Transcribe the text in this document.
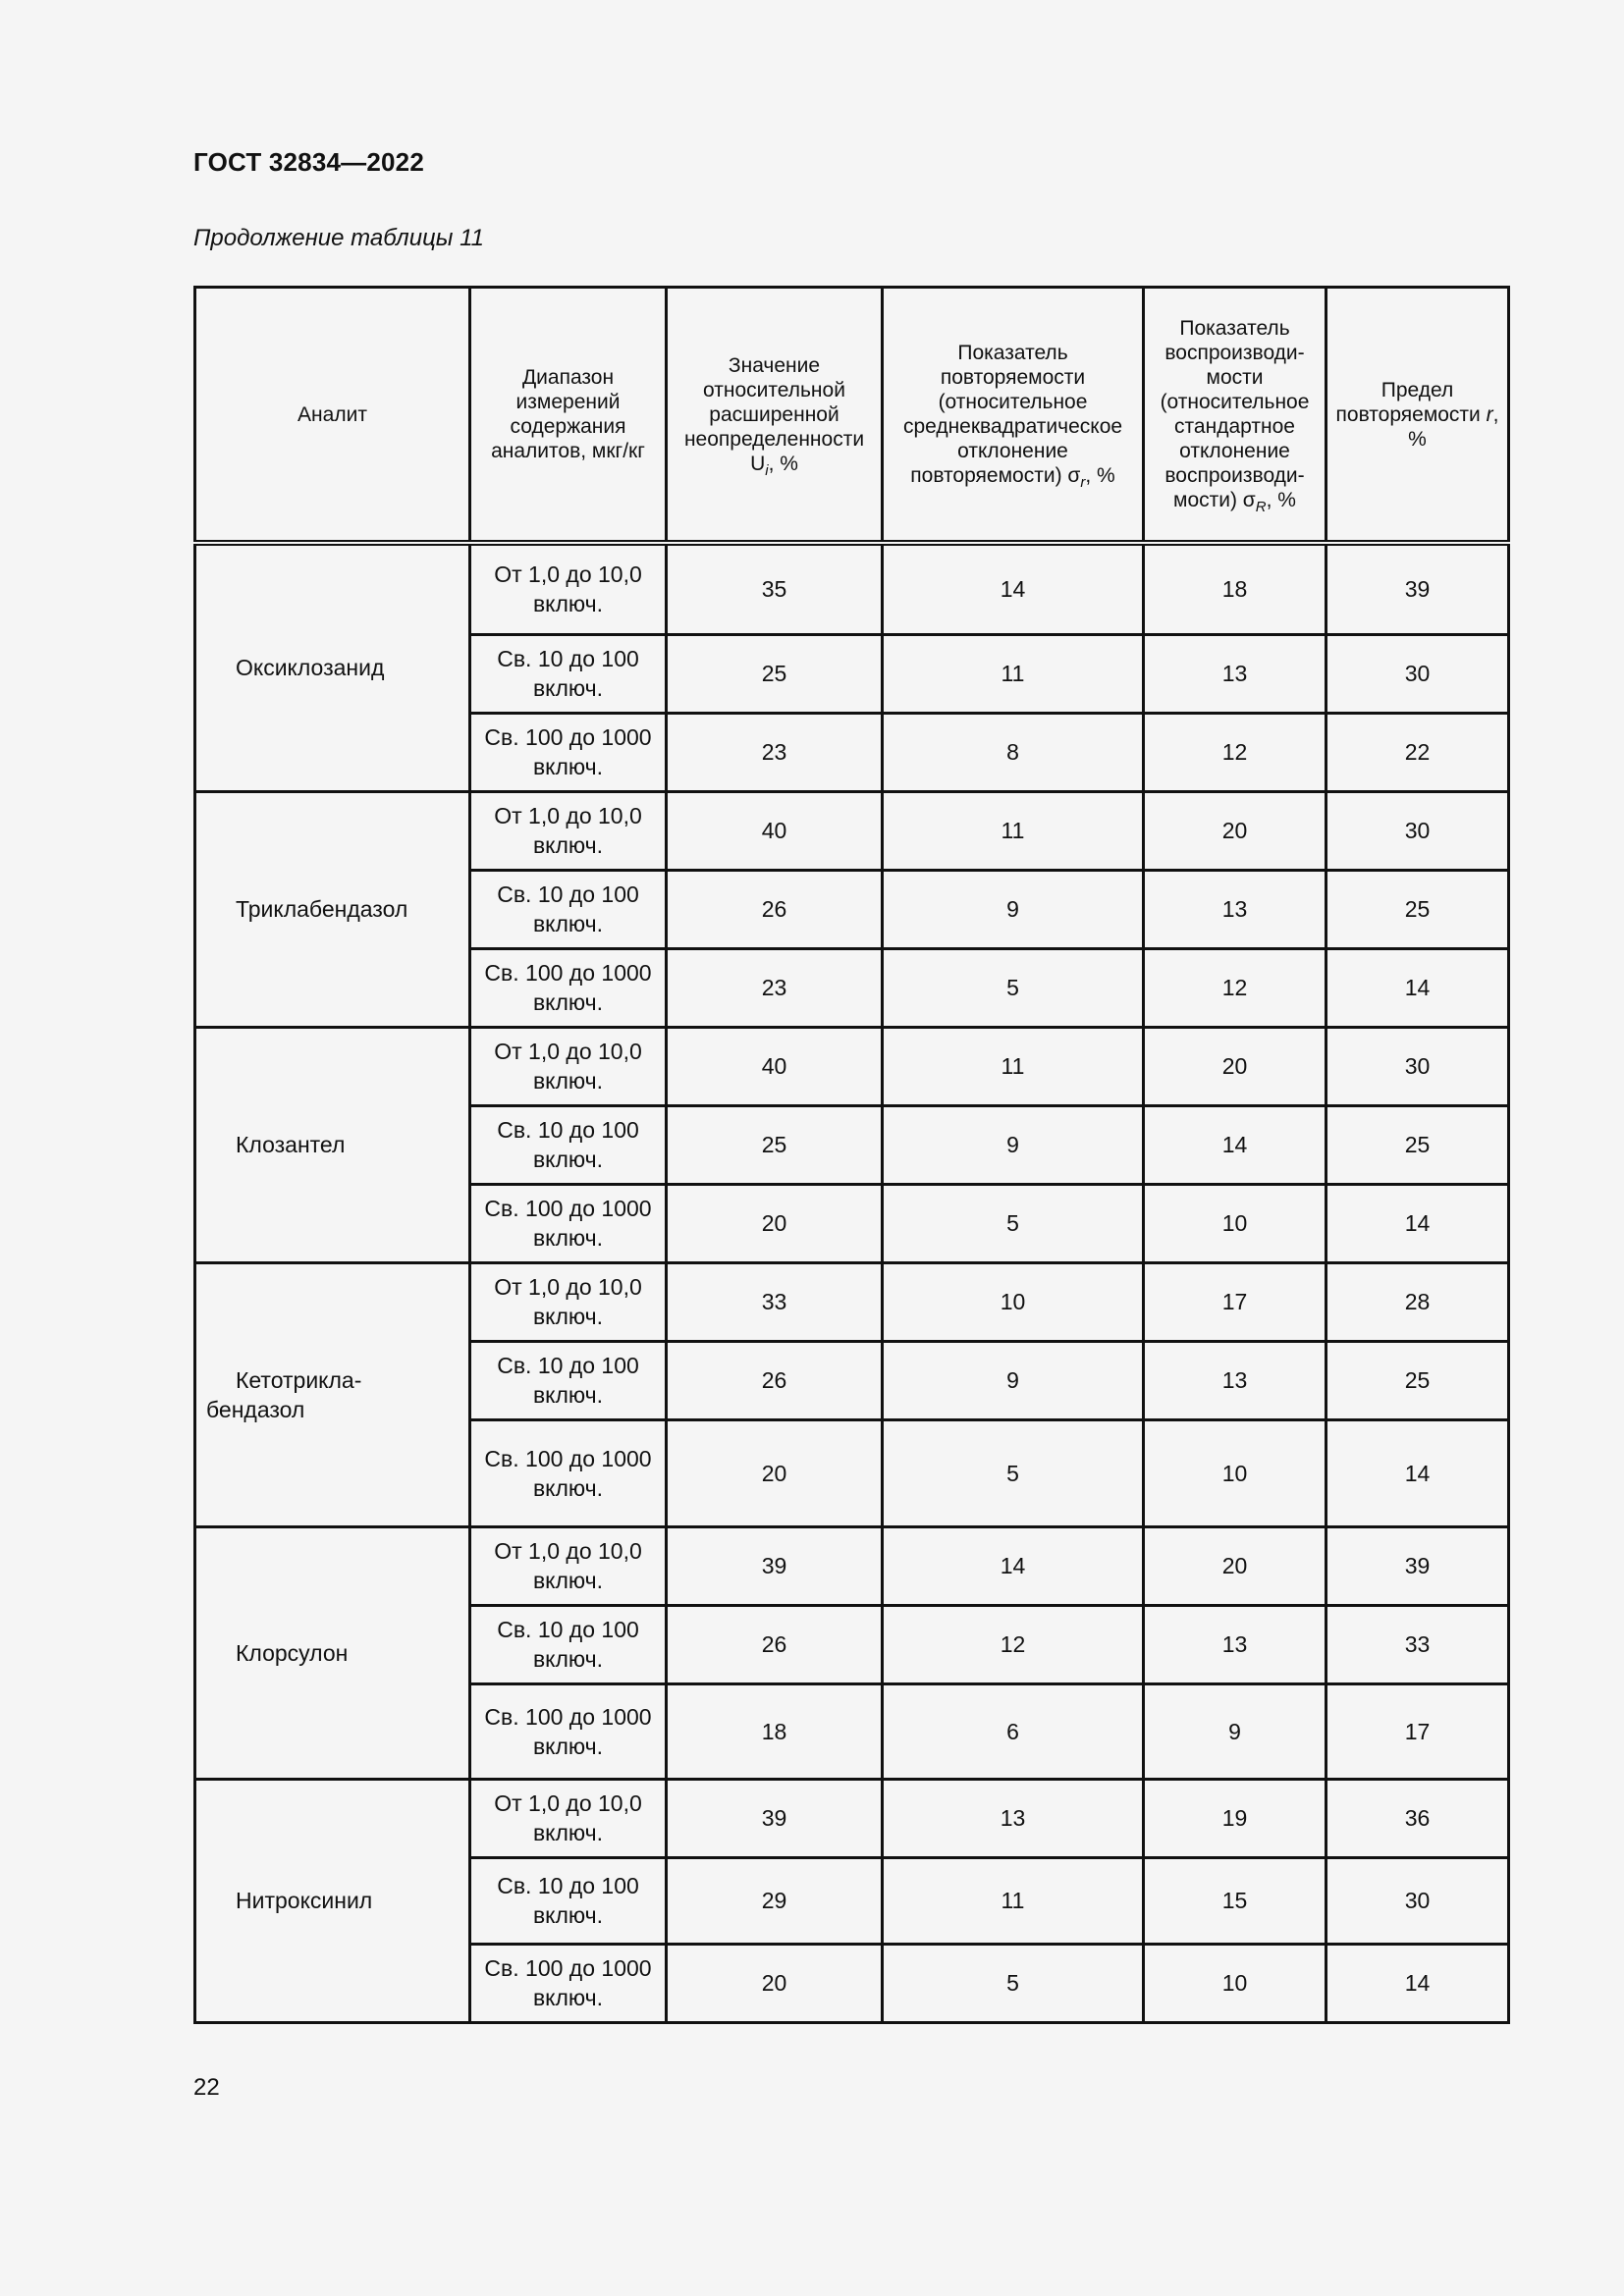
ГОСТ 32834—2022
Продолжение таблицы 11
Аналит	Диапазон измерений содержания аналитов, мкг/кг	Значение относительной расширенной неопределенности $U_i$, %	Показатель повторяемости (относительное среднеквадратическое отклонение повторяемости) $\sigma_r$, %	Показатель воспроизводи-мости (относительное стандартное отклонение воспроизводи-мости) $\sigma_R$, %	Предел повторяемости r, %

Оксиклозанид	От 1,0 до 10,0 включ.	35	14	18	39

	Св. 10 до 100 включ.	25	11	13	30

	Св. 100 до 1000 включ.	23	8	12	22

Триклабендазол	От 1,0 до 10,0 включ.	40	11	20	30

	Св. 10 до 100 включ.	26	9	13	25

	Св. 100 до 1000 включ.	23	5	12	14

Клозантел	От 1,0 до 10,0 включ.	40	11	20	30

	Св. 10 до 100 включ.	25	9	14	25

	Св. 100 до 1000 включ.	20	5	10	14

Кетотрикла-бендазол	От 1,0 до 10,0 включ.	33	10	17	28

	Св. 10 до 100 включ.	26	9	13	25

	Св. 100 до 1000 включ.	20	5	10	14

Клорсулон	От 1,0 до 10,0 включ.	39	14	20	39

	Св. 10 до 100 включ.	26	12	13	33

	Св. 100 до 1000 включ.	18	6	9	17

Нитроксинил	От 1,0 до 10,0 включ.	39	13	19	36

	Св. 10 до 100 включ.	29	11	15	30

	Св. 100 до 1000 включ.	20	5	10	14
22
